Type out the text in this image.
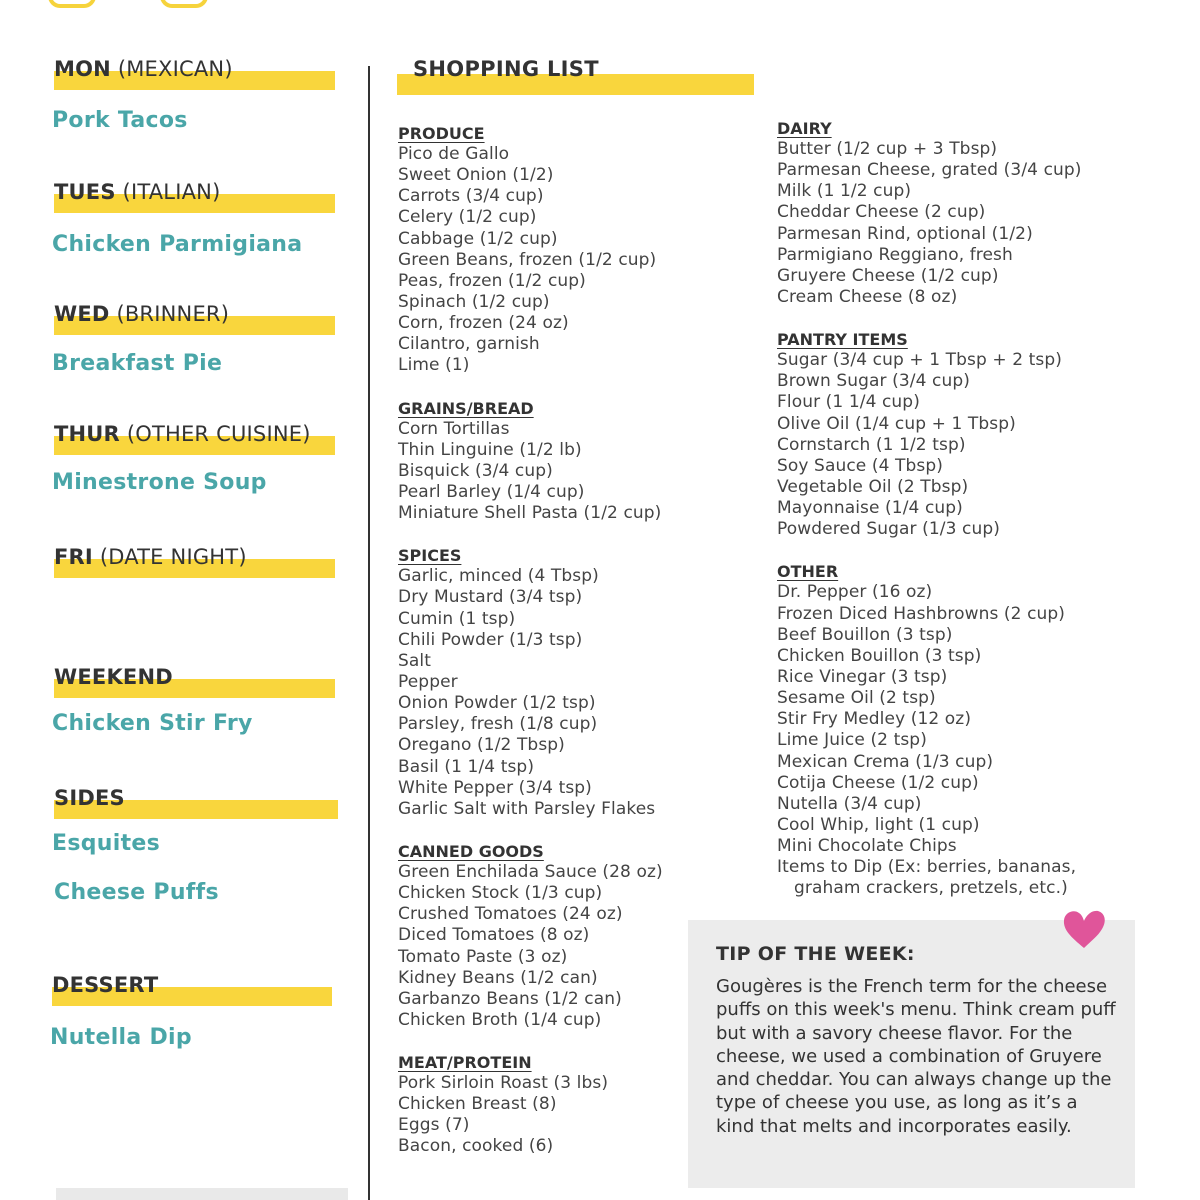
MON (MEXICAN)
Pork Tacos
TUES (ITALIAN)
Chicken Parmigiana
WED (BRINNER)
Breakfast Pie
THUR (OTHER CUISINE)
Minestrone Soup
FRI (DATE NIGHT)
WEEKEND
Chicken Stir Fry
SIDES
Esquites
Cheese Puffs
DESSERT
Nutella Dip
SHOPPING LIST
PRODUCE
Pico de Gallo
Sweet Onion (1/2)
Carrots (3/4 cup)
Celery (1/2 cup)
Cabbage (1/2 cup)
Green Beans, frozen (1/2 cup)
Peas, frozen (1/2 cup)
Spinach (1/2 cup)
Corn, frozen (24 oz)
Cilantro, garnish
Lime (1)
GRAINS/BREAD
Corn Tortillas
Thin Linguine (1/2 lb)
Bisquick (3/4 cup)
Pearl Barley (1/4 cup)
Miniature Shell Pasta (1/2 cup)
SPICES
Garlic, minced (4 Tbsp)
Dry Mustard (3/4 tsp)
Cumin (1 tsp)
Chili Powder (1/3 tsp)
Salt
Pepper
Onion Powder (1/2 tsp)
Parsley, fresh (1/8 cup)
Oregano (1/2 Tbsp)
Basil (1 1/4 tsp)
White Pepper (3/4 tsp)
Garlic Salt with Parsley Flakes
CANNED GOODS
Green Enchilada Sauce (28 oz)
Chicken Stock (1/3 cup)
Crushed Tomatoes (24 oz)
Diced Tomatoes (8 oz)
Tomato Paste (3 oz)
Kidney Beans (1/2 can)
Garbanzo Beans (1/2 can)
Chicken Broth (1/4 cup)
MEAT/PROTEIN
Pork Sirloin Roast (3 lbs)
Chicken Breast (8)
Eggs (7)
Bacon, cooked (6)
DAIRY
Butter (1/2 cup + 3 Tbsp)
Parmesan Cheese, grated (3/4 cup)
Milk (1 1/2 cup)
Cheddar Cheese (2 cup)
Parmesan Rind, optional (1/2)
Parmigiano Reggiano, fresh
Gruyere Cheese (1/2 cup)
Cream Cheese (8 oz)
PANTRY ITEMS
Sugar (3/4 cup + 1 Tbsp + 2 tsp)
Brown Sugar (3/4 cup)
Flour (1 1/4 cup)
Olive Oil (1/4 cup + 1 Tbsp)
Cornstarch (1 1/2 tsp)
Soy Sauce (4 Tbsp)
Vegetable Oil (2 Tbsp)
Mayonnaise (1/4 cup)
Powdered Sugar (1/3 cup)
OTHER
Dr. Pepper (16 oz)
Frozen Diced Hashbrowns (2 cup)
Beef Bouillon (3 tsp)
Chicken Bouillon (3 tsp)
Rice Vinegar (3 tsp)
Sesame Oil (2 tsp)
Stir Fry Medley (12 oz)
Lime Juice (2 tsp)
Mexican Crema (1/3 cup)
Cotija Cheese (1/2 cup)
Nutella (3/4 cup)
Cool Whip, light (1 cup)
Mini Chocolate Chips
Items to Dip (Ex: berries, bananas,
graham crackers, pretzels, etc.)
TIP OF THE WEEK:
Gougères is the French term for the cheese puffs on this week's menu. Think cream puff but with a savory cheese flavor. For the cheese, we used a combination of Gruyere and cheddar. You can always change up the type of cheese you use, as long as it’s a kind that melts and incorporates easily.
